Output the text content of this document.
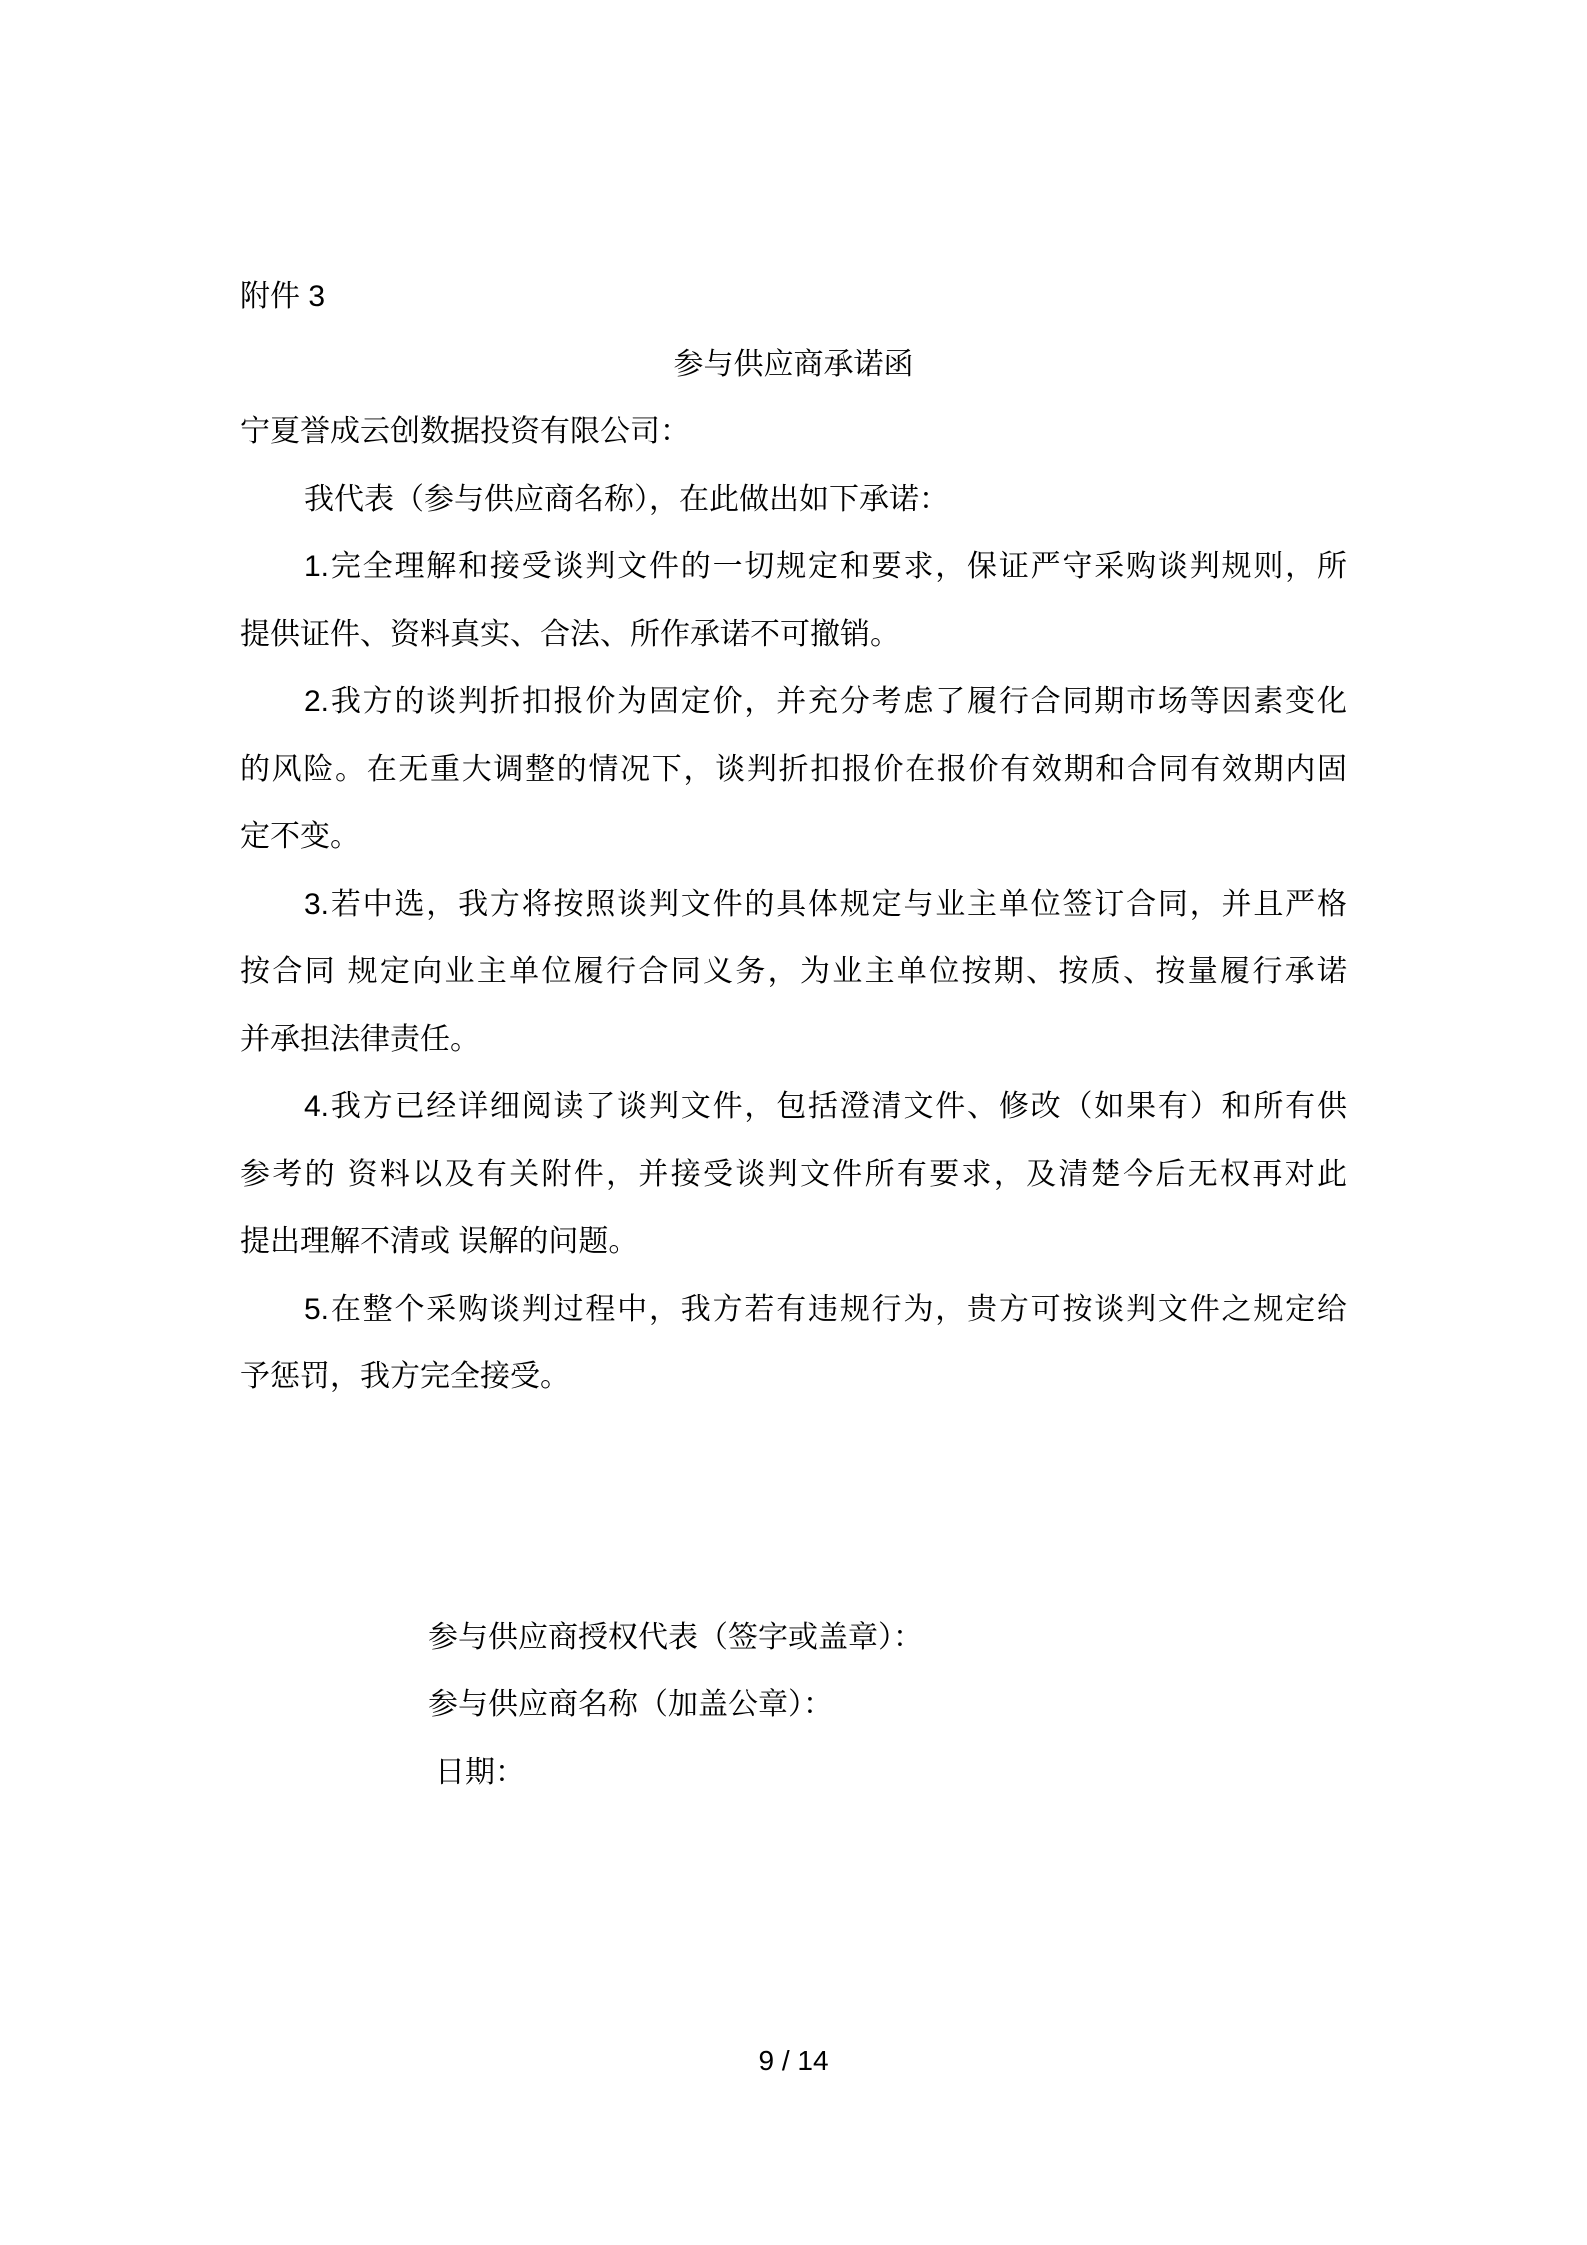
附件 3
参与供应商承诺函
宁夏誉成云创数据投资有限公司：
我代表（参与供应商名称），在此做出如下承诺：
1.完全理解和接受谈判文件的一切规定和要求，保证严守采购谈判规则，所
提供证件、资料真实、合法、所作承诺不可撤销。
2.我方的谈判折扣报价为固定价，并充分考虑了履行合同期市场等因素变化
的风险。在无重大调整的情况下，谈判折扣报价在报价有效期和合同有效期内固
定不变。
3.若中选，我方将按照谈判文件的具体规定与业主单位签订合同，并且严格
按合同 规定向业主单位履行合同义务，为业主单位按期、按质、按量履行承诺
并承担法律责任。
4.我方已经详细阅读了谈判文件，包括澄清文件、修改（如果有）和所有供
参考的 资料以及有关附件，并接受谈判文件所有要求，及清楚今后无权再对此
提出理解不清或 误解的问题。
5.在整个采购谈判过程中，我方若有违规行为，贵方可按谈判文件之规定给
予惩罚，我方完全接受。
参与供应商授权代表（签字或盖章）：
参与供应商名称（加盖公章）：
日期：
9 / 14
